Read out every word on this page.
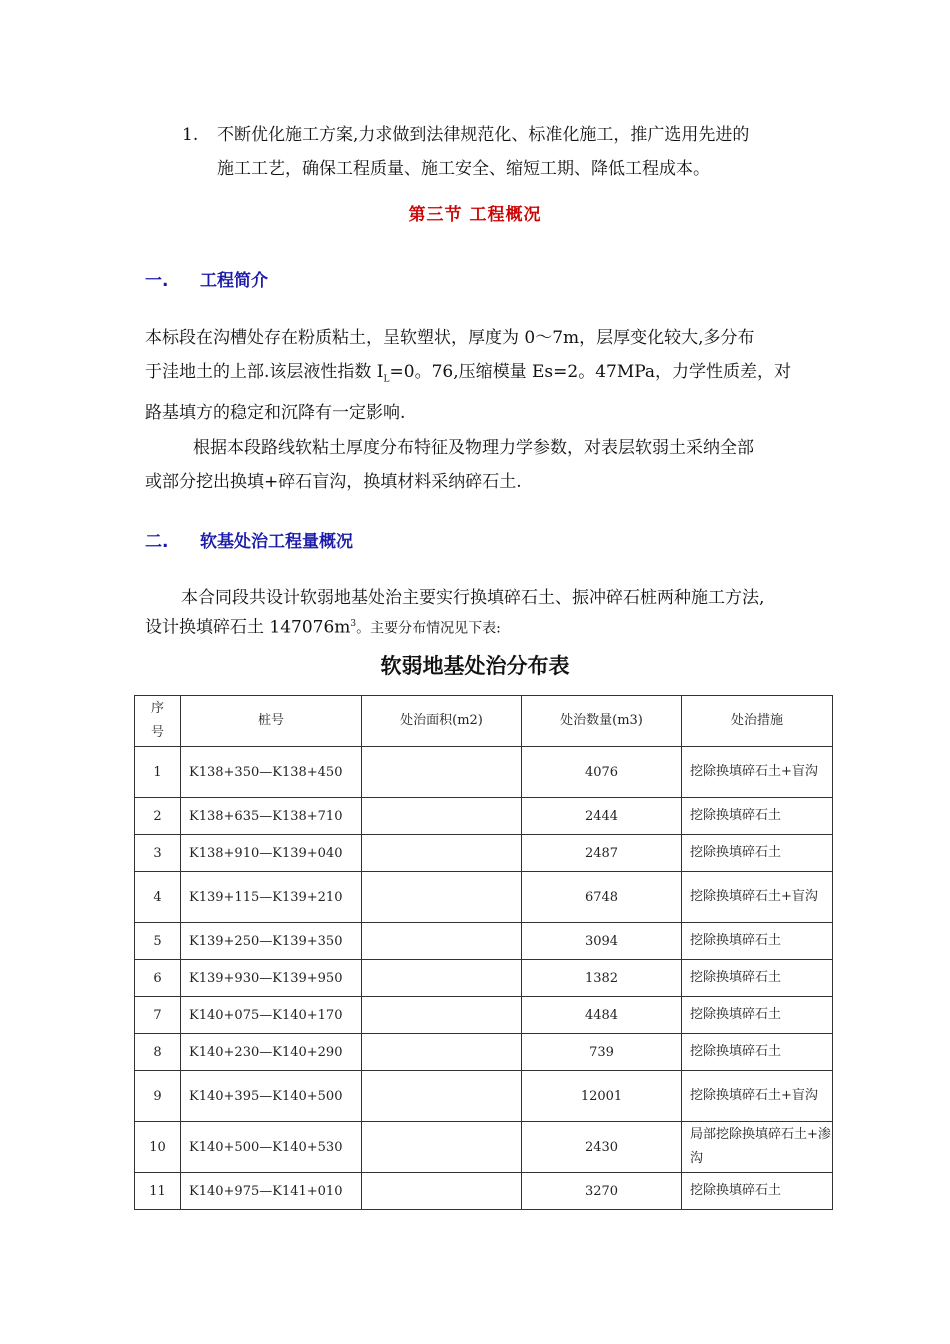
1.	不断优化施工方案,力求做到法律规范化、标准化施工，推广选用先进的
施工工艺，确保工程质量、施工安全、缩短工期、降低工程成本。
第三节 工程概况
一. 工程简介
本标段在沟槽处存在粉质粘土，呈软塑状，厚度为 0～7m，层厚变化较大,多分布
于洼地土的上部.该层液性指数 $I_L=0$。76,压缩模量 Es=2。47MPa，力学性质差，对
路基填方的稳定和沉降有一定影响.
根据本段路线软粘土厚度分布特征及物理力学参数，对表层软弱土采纳全部
或部分挖出换填+碎石盲沟，换填材料采纳碎石土.
二. 软基处治工程量概况
本合同段共设计软弱地基处治主要实行换填碎石土、振冲碎石桩两种施工方法,
设计换填碎石土 $147076m^3$。主要分布情况见下表:
软弱地基处治分布表
序
号	桩号	处治面积(m2)	处治数量(m3)	处治措施
1	K138+350—K138+450		4076	挖除换填碎石土+盲沟
2	K138+635—K138+710		2444	挖除换填碎石土
3	K138+910—K139+040		2487	挖除换填碎石土
4	K139+115—K139+210		6748	挖除换填碎石土+盲沟
5	K139+250—K139+350		3094	挖除换填碎石土
6	K139+930—K139+950		1382	挖除换填碎石土
7	K140+075—K140+170		4484	挖除换填碎石土
8	K140+230—K140+290		739	挖除换填碎石土
9	K140+395—K140+500		12001	挖除换填碎石土+盲沟
10	K140+500—K140+530		2430	局部挖除换填碎石土+渗沟
11	K140+975—K141+010		3270	挖除换填碎石土
